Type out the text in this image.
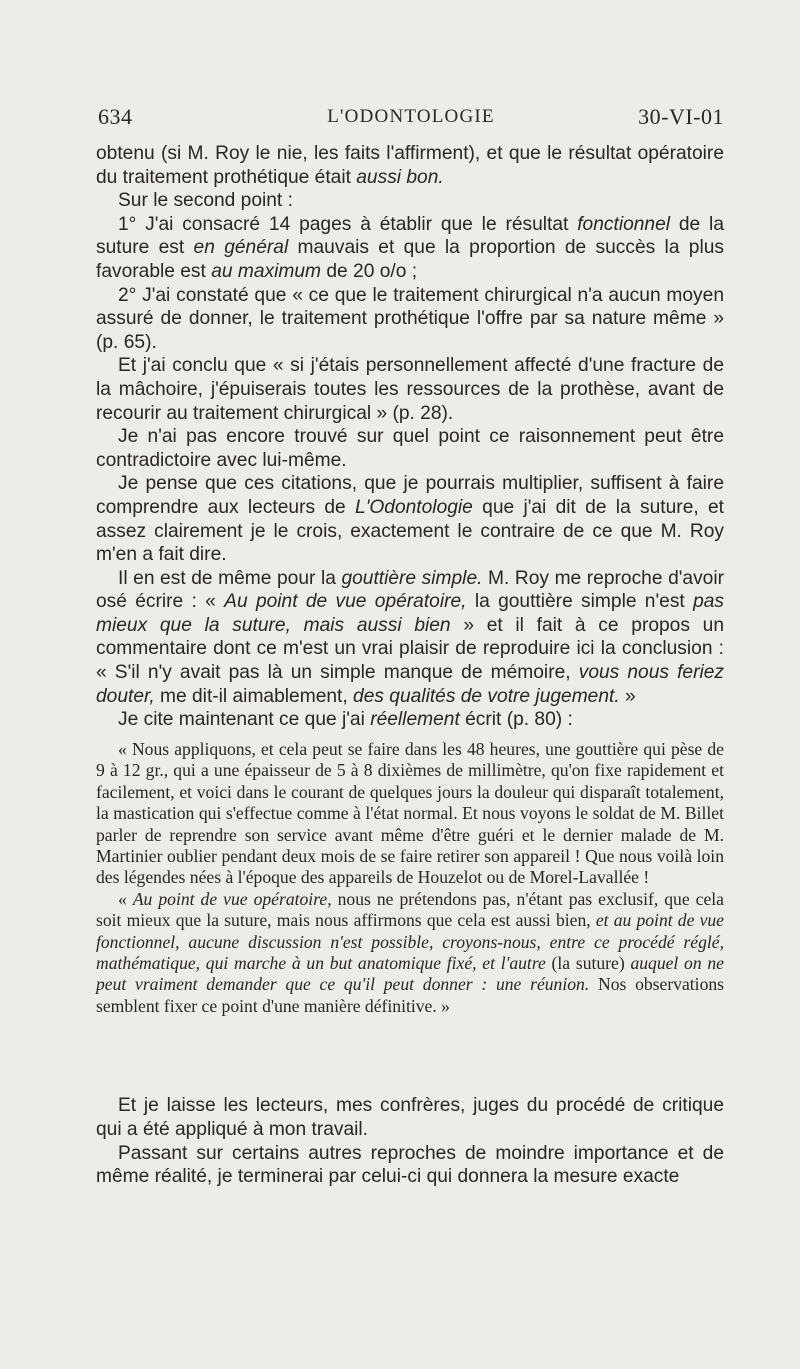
634	L'ODONTOLOGIE	30-VI-01

obtenu (si M. Roy le nie, les faits l'affirment), et que le résultat opératoire du traitement prothétique était aussi bon.

Sur le second point :

1° J'ai consacré 14 pages à établir que le résultat fonctionnel de la suture est en général mauvais et que la proportion de succès la plus favorable est au maximum de 20 o/o ;

2° J'ai constaté que « ce que le traitement chirurgical n'a aucun moyen assuré de donner, le traitement prothétique l'offre par sa nature même » (p. 65).

Et j'ai conclu que « si j'étais personnellement affecté d'une fracture de la mâchoire, j'épuiserais toutes les ressources de la prothèse, avant de recourir au traitement chirurgical » (p. 28).

Je n'ai pas encore trouvé sur quel point ce raisonnement peut être contradictoire avec lui-même.

Je pense que ces citations, que je pourrais multiplier, suffisent à faire comprendre aux lecteurs de L'Odontologie que j'ai dit de la suture, et assez clairement je le crois, exactement le contraire de ce que M. Roy m'en a fait dire.

Il en est de même pour la gouttière simple. M. Roy me reproche d'avoir osé écrire : « Au point de vue opératoire, la gouttière simple n'est pas mieux que la suture, mais aussi bien » et il fait à ce propos un commentaire dont ce m'est un vrai plaisir de reproduire ici la conclusion : « S'il n'y avait pas là un simple manque de mémoire, vous nous feriez douter, me dit-il aimablement, des qualités de votre jugement. »

Je cite maintenant ce que j'ai réellement écrit (p. 80) :

« Nous appliquons, et cela peut se faire dans les 48 heures, une gouttière qui pèse de 9 à 12 gr., qui a une épaisseur de 5 à 8 dixièmes de millimètre, qu'on fixe rapidement et facilement, et voici dans le courant de quelques jours la douleur qui disparaît totalement, la mastication qui s'effectue comme à l'état normal. Et nous voyons le soldat de M. Billet parler de reprendre son service avant même d'être guéri et le dernier malade de M. Martinier oublier pendant deux mois de se faire retirer son appareil ! Que nous voilà loin des légendes nées à l'époque des appareils de Houzelot ou de Morel-Lavallée !

« Au point de vue opératoire, nous ne prétendons pas, n'étant pas exclusif, que cela soit mieux que la suture, mais nous affirmons que cela est aussi bien, et au point de vue fonctionnel, aucune discussion n'est possible, croyons-nous, entre ce procédé réglé, mathématique, qui marche à un but anatomique fixé, et l'autre (la suture) auquel on ne peut vraiment demander que ce qu'il peut donner : une réunion. Nos observations semblent fixer ce point d'une manière définitive. »

Et je laisse les lecteurs, mes confrères, juges du procédé de critique qui a été appliqué à mon travail.

Passant sur certains autres reproches de moindre importance et de même réalité, je terminerai par celui-ci qui donnera la mesure exacte
